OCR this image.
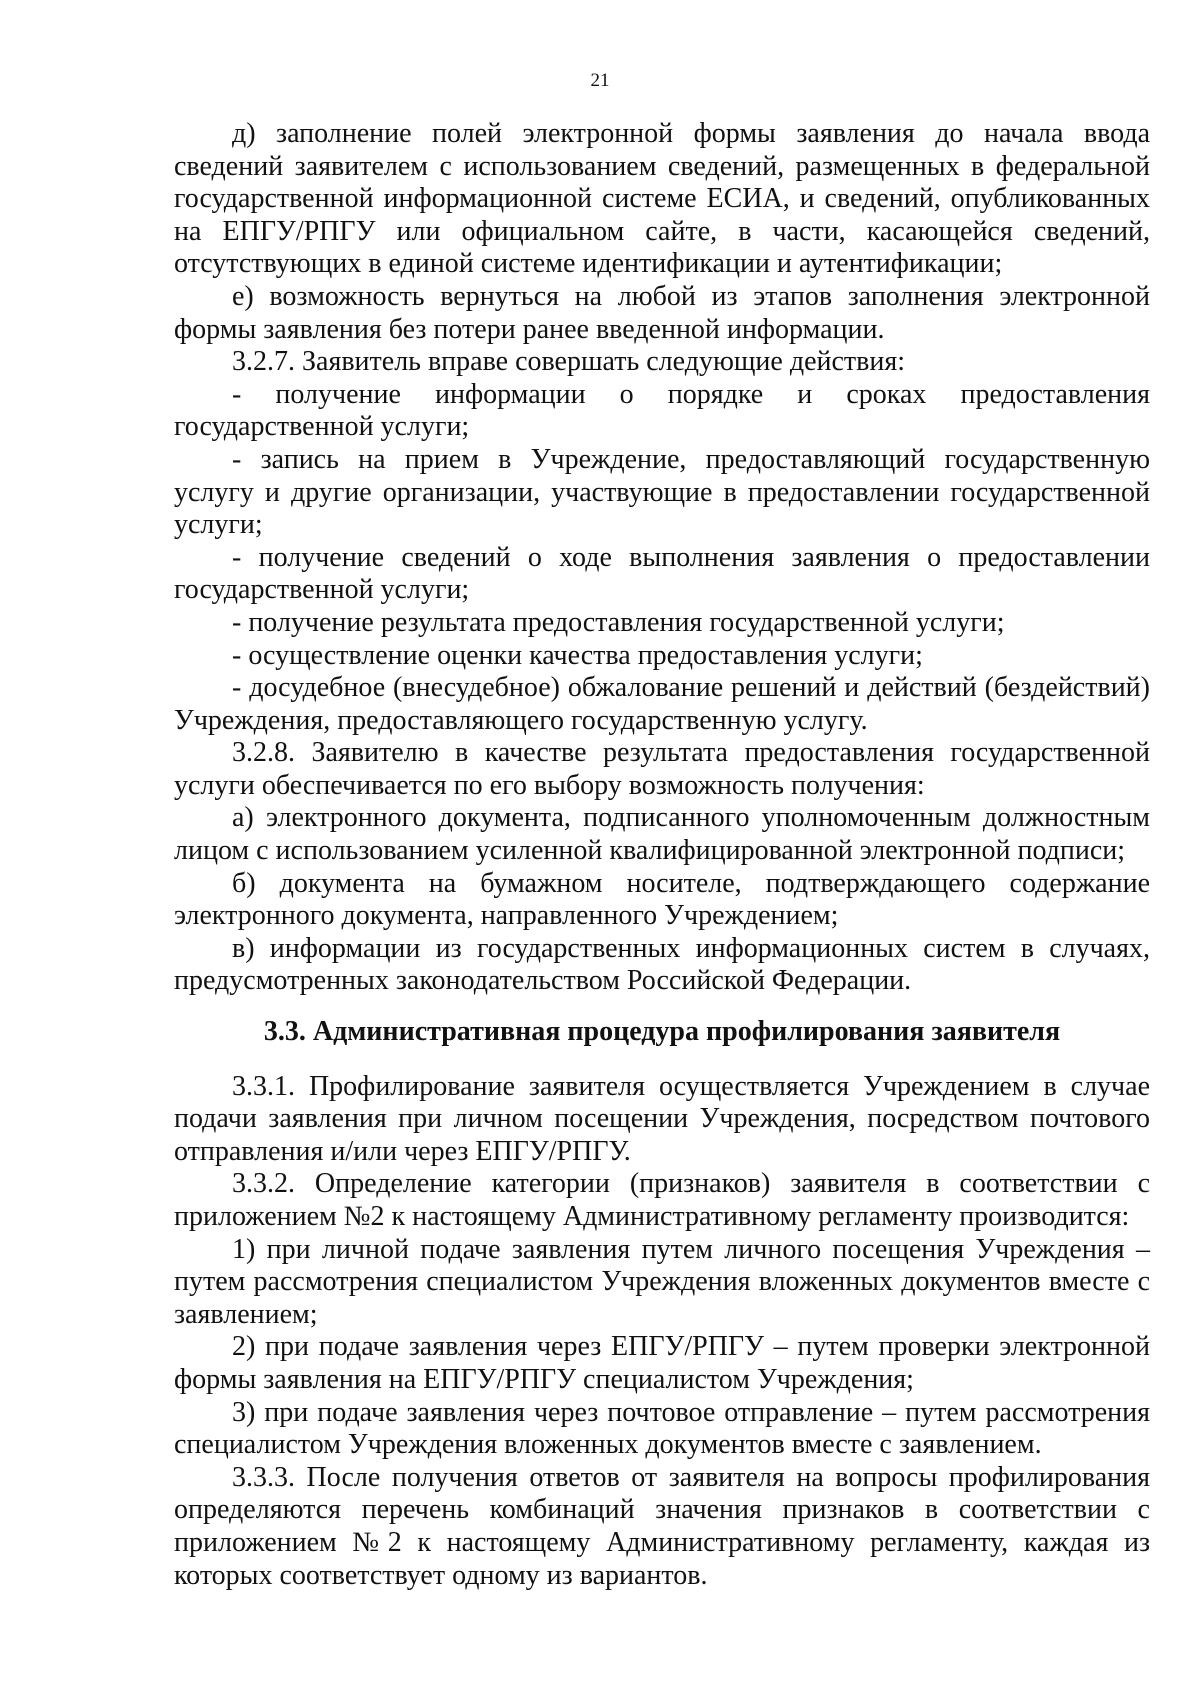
21

д) заполнение полей электронной формы заявления до начала ввода сведений заявителем с использованием сведений, размещенных в федеральной государственной информационной системе ЕСИА, и сведений, опубликованных на ЕПГУ/РПГУ или официальном сайте, в части, касающейся сведений, отсутствующих в единой системе идентификации и аутентификации;

е) возможность вернуться на любой из этапов заполнения электронной формы заявления без потери ранее введенной информации.

3.2.7. Заявитель вправе совершать следующие действия:

- получение информации о порядке и сроках предоставления государственной услуги;

- запись на прием в Учреждение, предоставляющий государственную услугу и другие организации, участвующие в предоставлении государственной услуги;

- получение сведений о ходе выполнения заявления о предоставлении государственной услуги;

- получение результата предоставления государственной услуги;

- осуществление оценки качества предоставления услуги;

- досудебное (внесудебное) обжалование решений и действий (бездействий) Учреждения, предоставляющего государственную услугу.

3.2.8. Заявителю в качестве результата предоставления государственной услуги обеспечивается по его выбору возможность получения:

а) электронного документа, подписанного уполномоченным должностным лицом с использованием усиленной квалифицированной электронной подписи;

б) документа на бумажном носителе, подтверждающего содержание электронного документа, направленного Учреждением;

в) информации из государственных информационных систем в случаях, предусмотренных законодательством Российской Федерации.

3.3. Административная процедура профилирования заявителя

3.3.1. Профилирование заявителя осуществляется Учреждением в случае подачи заявления при личном посещении Учреждения, посредством почтового отправления и/или через ЕПГУ/РПГУ.

3.3.2. Определение категории (признаков) заявителя в соответствии с приложением №2 к настоящему Административному регламенту производится:

1) при личной подаче заявления путем личного посещения Учреждения – путем рассмотрения специалистом Учреждения вложенных документов вместе с заявлением;

2) при подаче заявления через ЕПГУ/РПГУ – путем проверки электронной формы заявления на ЕПГУ/РПГУ специалистом Учреждения;

3) при подаче заявления через почтовое отправление – путем рассмотрения специалистом Учреждения вложенных документов вместе с заявлением.

3.3.3. После получения ответов от заявителя на вопросы профилирования определяются перечень комбинаций значения признаков в соответствии с приложением №2 к настоящему Административному регламенту, каждая из которых соответствует одному из вариантов.
